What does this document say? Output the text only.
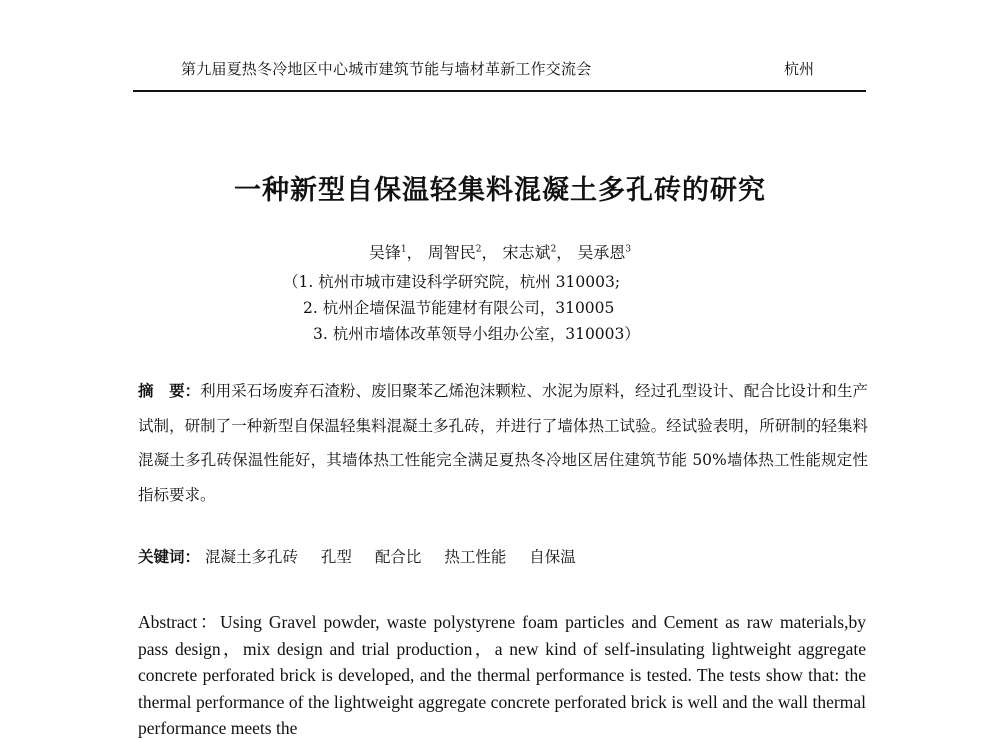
第九届夏热冬冷地区中心城市建筑节能与墙材革新工作交流会	杭州
一种新型自保温轻集料混凝土多孔砖的研究
吴锋$^1$， 周智民$^2$， 宋志斌$^2$， 吴承恩$^3$
（1. 杭州市城市建设科学研究院，杭州 310003;
2. 杭州企墙保温节能建材有限公司，310005
3. 杭州市墙体改革领导小组办公室，310003）
摘　要：利用采石场废弃石渣粉、废旧聚苯乙烯泡沫颗粒、水泥为原料，经过孔型设计、配合比设计和生产试制，研制了一种新型自保温轻集料混凝土多孔砖，并进行了墙体热工试验。经试验表明，所研制的轻集料混凝土多孔砖保温性能好，其墙体热工性能完全满足夏热冬冷地区居住建筑节能 50%墙体热工性能规定性指标要求。
关键词： 混凝土多孔砖 孔型 配合比 热工性能 自保温
Abstract：Using Gravel powder, waste polystyrene foam particles and Cement as raw materials,by pass design，mix design and trial production，a new kind of self-insulating lightweight aggregate concrete perforated brick is developed, and the thermal performance is tested. The tests show that: the thermal performance of the lightweight aggregate concrete perforated brick is well and the wall thermal performance meets the
